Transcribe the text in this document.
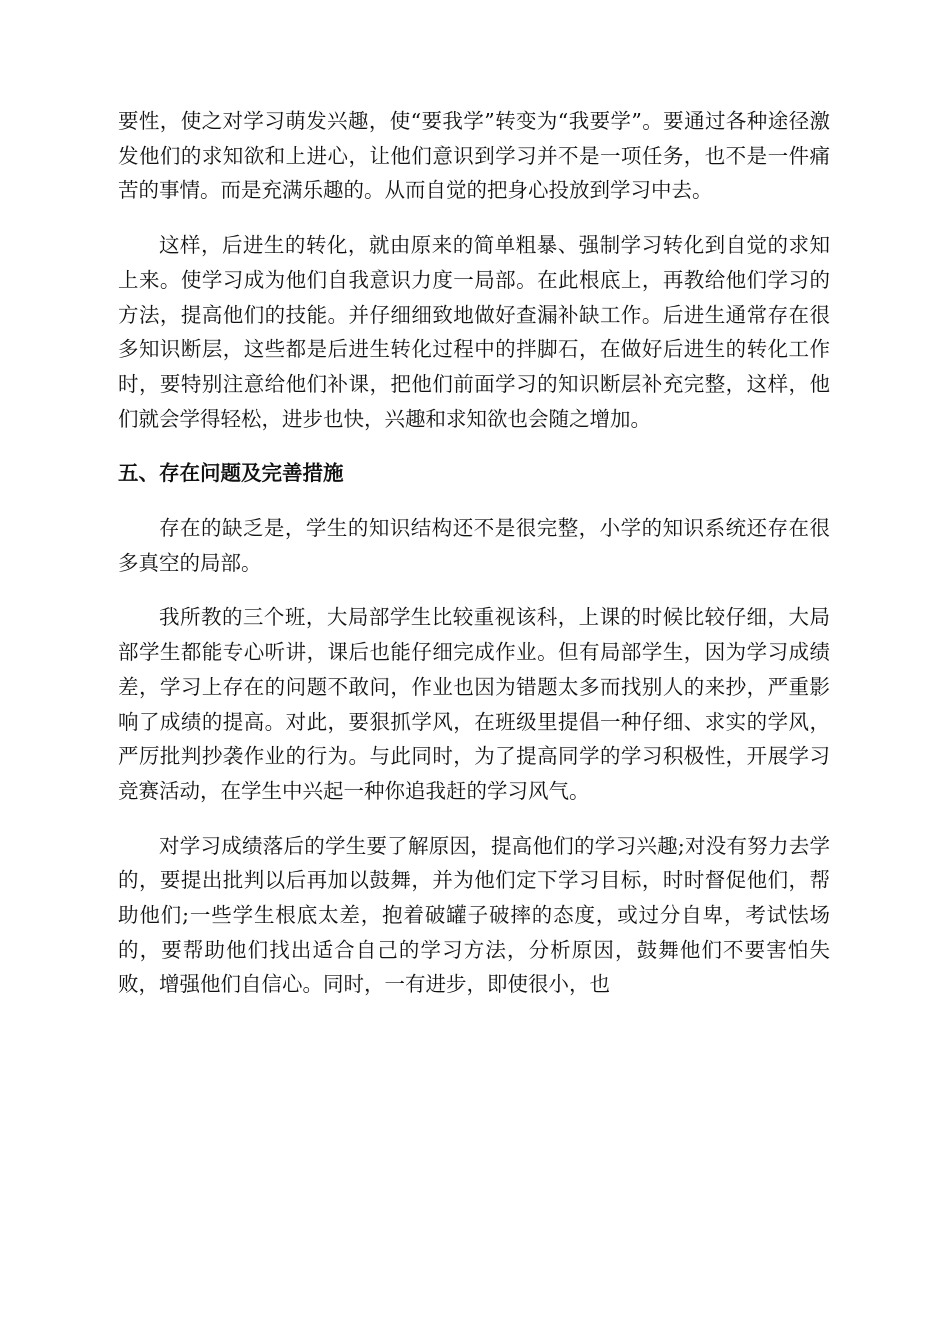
要性，使之对学习萌发兴趣，使“要我学”转变为“我要学”。要通过各种途径激发他们的求知欲和上进心，让他们意识到学习并不是一项任务，也不是一件痛苦的事情。而是充满乐趣的。从而自觉的把身心投放到学习中去。

这样，后进生的转化，就由原来的简单粗暴、强制学习转化到自觉的求知上来。使学习成为他们自我意识力度一局部。在此根底上，再教给他们学习的方法，提高他们的技能。并仔细细致地做好查漏补缺工作。后进生通常存在很多知识断层，这些都是后进生转化过程中的拌脚石，在做好后进生的转化工作时，要特别注意给他们补课，把他们前面学习的知识断层补充完整，这样，他们就会学得轻松，进步也快，兴趣和求知欲也会随之增加。

五、存在问题及完善措施

存在的缺乏是，学生的知识结构还不是很完整，小学的知识系统还存在很多真空的局部。

我所教的三个班，大局部学生比较重视该科，上课的时候比较仔细，大局部学生都能专心听讲，课后也能仔细完成作业。但有局部学生，因为学习成绩差，学习上存在的问题不敢问，作业也因为错题太多而找别人的来抄，严重影响了成绩的提高。对此，要狠抓学风，在班级里提倡一种仔细、求实的学风，严厉批判抄袭作业的行为。与此同时，为了提高同学的学习积极性，开展学习竞赛活动，在学生中兴起一种你追我赶的学习风气。

对学习成绩落后的学生要了解原因，提高他们的学习兴趣;对没有努力去学的，要提出批判以后再加以鼓舞，并为他们定下学习目标，时时督促他们，帮助他们;一些学生根底太差，抱着破罐子破摔的态度，或过分自卑，考试怯场的，要帮助他们找出适合自己的学习方法，分析原因，鼓舞他们不要害怕失败，增强他们自信心。同时，一有进步，即使很小，也
